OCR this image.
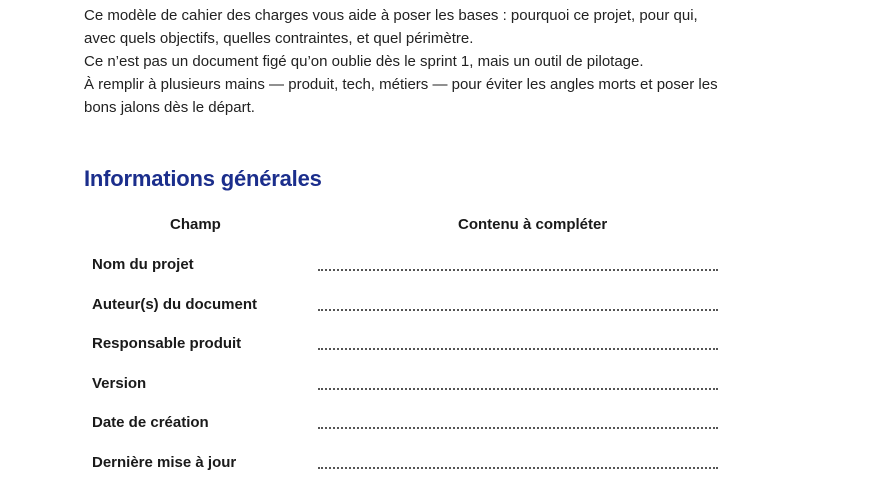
Ce modèle de cahier des charges vous aide à poser les bases : pourquoi ce projet, pour qui,

avec quels objectifs, quelles contraintes, et quel périmètre.

Ce n’est pas un document figé qu’on oublie dès le sprint 1, mais un outil de pilotage.

À remplir à plusieurs mains — produit, tech, métiers — pour éviter les angles morts et poser les

bons jalons dès le départ.

Informations générales
Champ	Contenu à compléter
Nom du projet
Auteur(s) du document
Responsable produit
Version
Date de création
Dernière mise à jour
